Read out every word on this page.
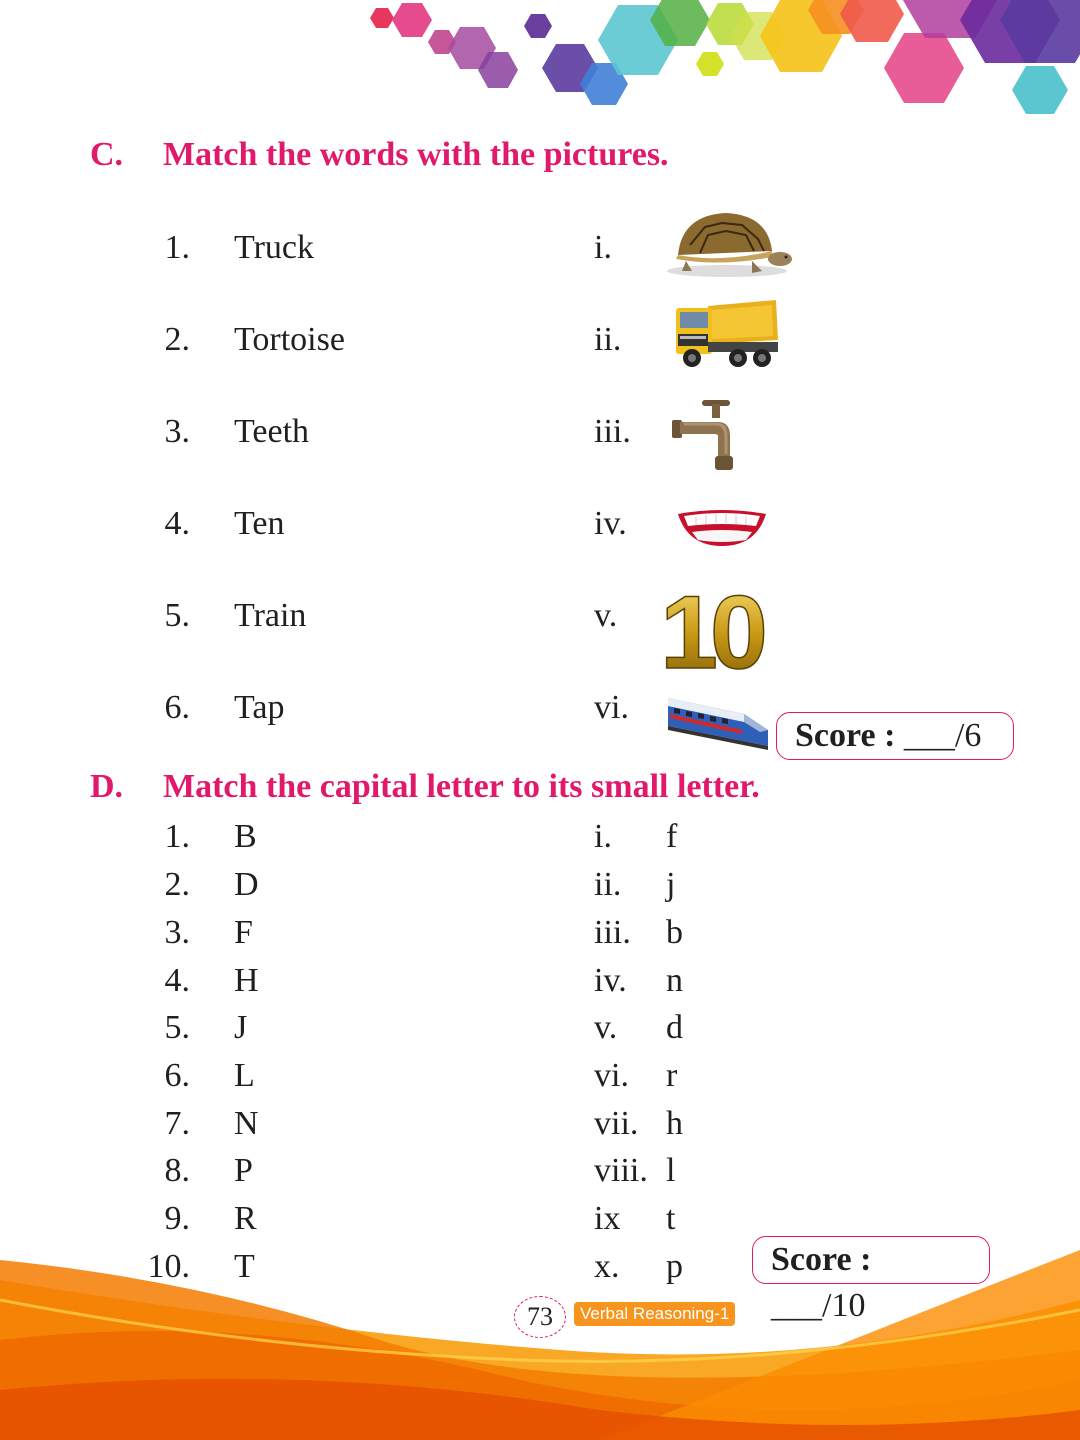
C. Match the words with the pictures.
1. Truck	i.
2. Tortoise	ii.
3. Teeth	iii.
4. Ten	iv.
5. Train	v.
6. Tap	vi.
10
Score : ___/6
D. Match the capital letter to its small letter.
1. B	i. f
2. D	ii. j
3. F	iii. b
4. H	iv. n
5. J	v. d
6. L	vi. r
7. N	vii. h
8. P	viii. l
9. R	ix t
10. T	x. p	Score : ___/10
73	Verbal Reasoning-1
